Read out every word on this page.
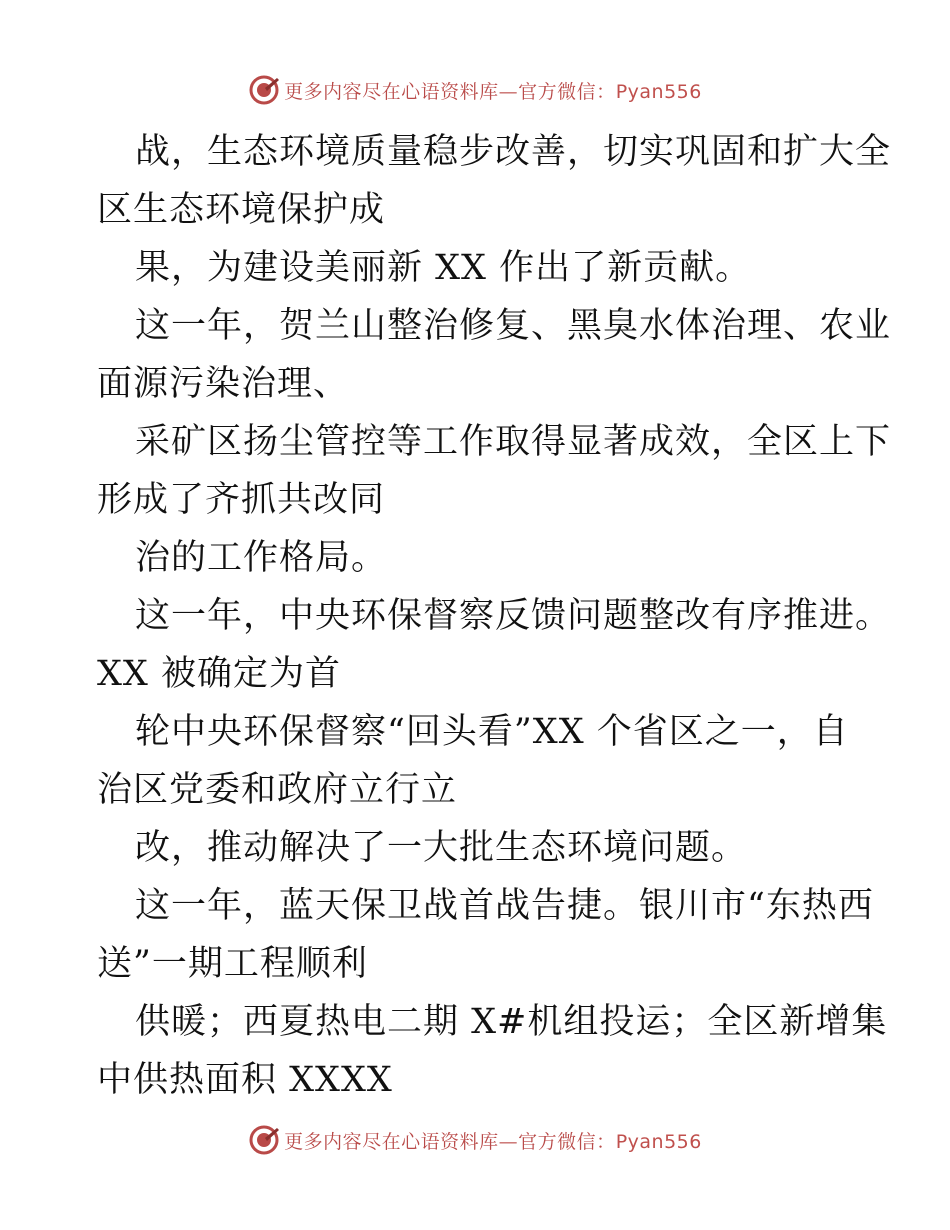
更多内容尽在心语资料库—官方微信：Pyan556
战，生态环境质量稳步改善，切实巩固和扩大全
区生态环境保护成
果，为建设美丽新 XX 作出了新贡献。
这一年，贺兰山整治修复、黑臭水体治理、农业
面源污染治理、
采矿区扬尘管控等工作取得显著成效，全区上下
形成了齐抓共改同
治的工作格局。
这一年，中央环保督察反馈问题整改有序推进。
XX 被确定为首
轮中央环保督察“回头看”XX 个省区之一，自
治区党委和政府立行立
改，推动解决了一大批生态环境问题。
这一年，蓝天保卫战首战告捷。银川市“东热西
送”一期工程顺利
供暖；西夏热电二期 X#机组投运；全区新增集
中供热面积 XXXX
更多内容尽在心语资料库—官方微信：Pyan556
